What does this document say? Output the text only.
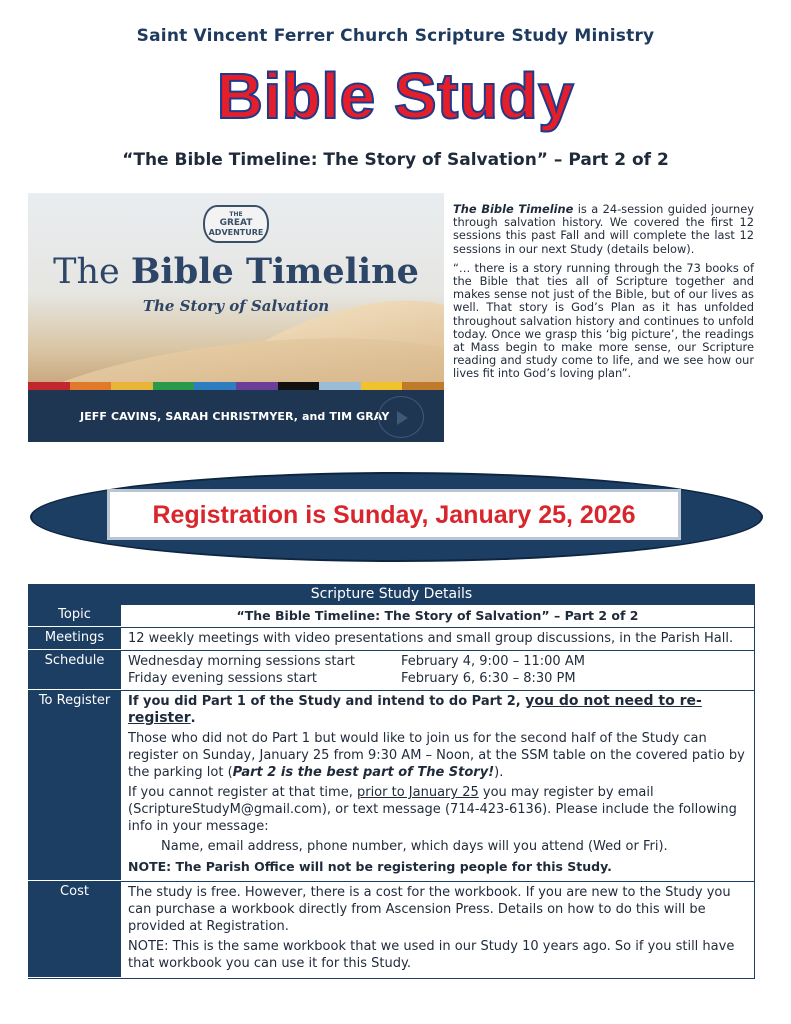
Saint Vincent Ferrer Church Scripture Study Ministry
Bible Study
“The Bible Timeline: The Story of Salvation” – Part 2 of 2
THE
GREAT
ADVENTURE
The Bible Timeline
The Story of Salvation
JEFF CAVINS, SARAH CHRISTMYER, and TIM GRAY

The Bible Timeline is a 24-session guided journey through salvation history. We covered the first 12 sessions this past Fall and will complete the last 12 sessions in our next Study (details below).

“… there is a story running through the 73 books of the Bible that ties all of Scripture together and makes sense not just of the Bible, but of our lives as well. That story is God’s Plan as it has unfolded throughout salvation history and continues to unfold today. Once we grasp this ‘big picture’, the readings at Mass begin to make more sense, our Scripture reading and study come to life, and we see how our lives fit into God’s loving plan”.

Registration is Sunday, January 25, 2026
Scripture Study Details
Topic	“The Bible Timeline: The Story of Salvation” – Part 2 of 2
Meetings	12 weekly meetings with video presentations and small group discussions, in the Parish Hall.
Schedule	Wednesday morning sessions start	February 4, 9:00 – 11:00 AM
Friday evening sessions start	February 6, 6:30 – 8:30 PM
To Register	If you did Part 1 of the Study and intend to do Part 2, you do not need to re-register.

Those who did not do Part 1 but would like to join us for the second half of the Study can register on Sunday, January 25 from 9:30 AM – Noon, at the SSM table on the covered patio by the parking lot (Part 2 is the best part of The Story!).

If you cannot register at that time, prior to January 25 you may register by email (ScriptureStudyM@gmail.com), or text message (714-423-6136). Please include the following info in your message:

Name, email address, phone number, which days will you attend (Wed or Fri).

NOTE: The Parish Office will not be registering people for this Study.

Cost	The study is free. However, there is a cost for the workbook. If you are new to the Study you can purchase a workbook directly from Ascension Press. Details on how to do this will be provided at Registration.

NOTE: This is the same workbook that we used in our Study 10 years ago. So if you still have that workbook you can use it for this Study.
